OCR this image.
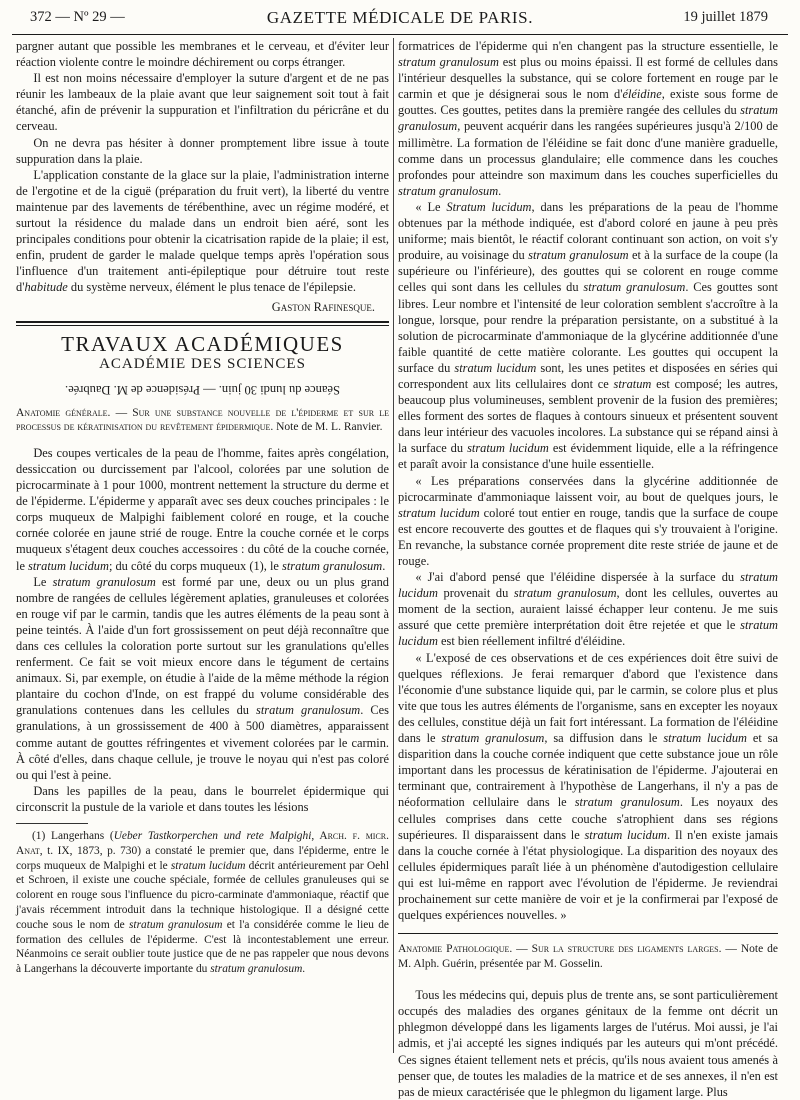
372 — Nº 29 —	GAZETTE MÉDICALE DE PARIS.	19 juillet 1879

pargner autant que possible les membranes et le cerveau, et d'éviter leur réaction violente contre le moindre déchirement ou corps étranger.

Il est non moins nécessaire d'employer la suture d'argent et de ne pas réunir les lambeaux de la plaie avant que leur saignement soit tout à fait étanché, afin de prévenir la suppuration et l'infiltration du péricrâne et du cerveau.

On ne devra pas hésiter à donner promptement libre issue à toute suppuration dans la plaie.

L'application constante de la glace sur la plaie, l'administration interne de l'ergotine et de la ciguë (préparation du fruit vert), la liberté du ventre maintenue par des lavements de térébenthine, avec un régime modéré, et surtout la résidence du malade dans un endroit bien aéré, sont les principales conditions pour obtenir la cicatrisation rapide de la plaie; il est, enfin, prudent de garder le malade quelque temps après l'opération sous l'influence d'un traitement anti-épileptique pour détruire tout reste d'habitude du système nerveux, élément le plus tenace de l'épilepsie.

Gaston Rafinesque.
TRAVAUX ACADÉMIQUES
ACADÉMIE DES SCIENCES
Séance du lundi 30 juin. — Présidence de M. Daubrée.

Anatomie générale. — Sur une substance nouvelle de l'épiderme et sur le processus de kératinisation du revêtement épidermique. Note de M. L. Ranvier.

Des coupes verticales de la peau de l'homme, faites après congélation, dessiccation ou durcissement par l'alcool, colorées par une solution de picrocarminate à 1 pour 1000, montrent nettement la structure du derme et de l'épiderme. L'épiderme y apparaît avec ses deux couches principales : le corps muqueux de Malpighi faiblement coloré en rouge, et la couche cornée colorée en jaune strié de rouge. Entre la couche cornée et le corps muqueux s'étagent deux couches accessoires : du côté de la couche cornée, le stratum lucidum; du côté du corps muqueux (1), le stratum granulosum.

Le stratum granulosum est formé par une, deux ou un plus grand nombre de rangées de cellules légèrement aplaties, granuleuses et colorées en rouge vif par le carmin, tandis que les autres éléments de la peau sont à peine teintés. À l'aide d'un fort grossissement on peut déjà reconnaître que dans ces cellules la coloration porte surtout sur les granulations qu'elles renferment. Ce fait se voit mieux encore dans le tégument de certains animaux. Si, par exemple, on étudie à l'aide de la même méthode la région plantaire du cochon d'Inde, on est frappé du volume considérable des granulations contenues dans les cellules du stratum granulosum. Ces granulations, à un grossissement de 400 à 500 diamètres, apparaissent comme autant de gouttes réfringentes et vivement colorées par le carmin. À côté d'elles, dans chaque cellule, je trouve le noyau qui n'est pas coloré ou qui l'est à peine.

Dans les papilles de la peau, dans le bourrelet épidermique qui circonscrit la pustule de la variole et dans toutes les lésions

(1) Langerhans (Ueber Tastkorperchen und rete Malpighi, Arch. f. micr. Anat, t. IX, 1873, p. 730) a constaté le premier que, dans l'épiderme, entre le corps muqueux de Malpighi et le stratum lucidum décrit antérieurement par Oehl et Schroen, il existe une couche spéciale, formée de cellules granuleuses qui se colorent en rouge sous l'influence du picro-carminate d'ammoniaque, réactif que j'avais récemment introduit dans la technique histologique. Il a désigné cette couche sous le nom de stratum granulosum et l'a considérée comme le lieu de formation des cellules de l'épiderme. C'est là incontestablement une erreur. Néanmoins ce serait oublier toute justice que de ne pas rappeler que nous devons à Langerhans la découverte importante du stratum granulosum.

formatrices de l'épiderme qui n'en changent pas la structure essentielle, le stratum granulosum est plus ou moins épaissi. Il est formé de cellules dans l'intérieur desquelles la substance, qui se colore fortement en rouge par le carmin et que je désignerai sous le nom d'éléidine, existe sous forme de gouttes. Ces gouttes, petites dans la première rangée des cellules du stratum granulosum, peuvent acquérir dans les rangées supérieures jusqu'à 2/100 de millimètre. La formation de l'éléidine se fait donc d'une manière graduelle, comme dans un processus glandulaire; elle commence dans les couches profondes pour atteindre son maximum dans les couches superficielles du stratum granulosum.

« Le Stratum lucidum, dans les préparations de la peau de l'homme obtenues par la méthode indiquée, est d'abord coloré en jaune à peu près uniforme; mais bientôt, le réactif colorant continuant son action, on voit s'y produire, au voisinage du stratum granulosum et à la surface de la coupe (la supérieure ou l'inférieure), des gouttes qui se colorent en rouge comme celles qui sont dans les cellules du stratum granulosum. Ces gouttes sont libres. Leur nombre et l'intensité de leur coloration semblent s'accroître à la longue, lorsque, pour rendre la préparation persistante, on a substitué à la solution de picrocarminate d'ammoniaque de la glycérine additionnée d'une faible quantité de cette matière colorante. Les gouttes qui occupent la surface du stratum lucidum sont, les unes petites et disposées en séries qui correspondent aux lits cellulaires dont ce stratum est composé; les autres, beaucoup plus volumineuses, semblent provenir de la fusion des premières; elles forment des sortes de flaques à contours sinueux et présentent souvent dans leur intérieur des vacuoles incolores. La substance qui se répand ainsi à la surface du stratum lucidum est évidemment liquide, elle a la réfringence et paraît avoir la consistance d'une huile essentielle.

« Les préparations conservées dans la glycérine additionnée de picrocarminate d'ammoniaque laissent voir, au bout de quelques jours, le stratum lucidum coloré tout entier en rouge, tandis que la surface de coupe est encore recouverte des gouttes et de flaques qui s'y trouvaient à l'origine. En revanche, la substance cornée proprement dite reste striée de jaune et de rouge.

« J'ai d'abord pensé que l'éléidine dispersée à la surface du stratum lucidum provenait du stratum granulosum, dont les cellules, ouvertes au moment de la section, auraient laissé échapper leur contenu. Je me suis assuré que cette première interprétation doit être rejetée et que le stratum lucidum est bien réellement infiltré d'éléidine.

« L'exposé de ces observations et de ces expériences doit être suivi de quelques réflexions. Je ferai remarquer d'abord que l'existence dans l'économie d'une substance liquide qui, par le carmin, se colore plus et plus vite que tous les autres éléments de l'organisme, sans en excepter les noyaux des cellules, constitue déjà un fait fort intéressant. La formation de l'éléidine dans le stratum granulosum, sa diffusion dans le stratum lucidum et sa disparition dans la couche cornée indiquent que cette substance joue un rôle important dans les processus de kératinisation de l'épiderme. J'ajouterai en terminant que, contrairement à l'hypothèse de Langerhans, il n'y a pas de néoformation cellulaire dans le stratum granulosum. Les noyaux des cellules comprises dans cette couche s'atrophient dans ses régions supérieures. Il disparaissent dans le stratum lucidum. Il n'en existe jamais dans la couche cornée à l'état physiologique. La disparition des noyaux des cellules épidermiques paraît liée à un phénomène d'autodigestion cellulaire qui est lui-même en rapport avec l'évolution de l'épiderme. Je reviendrai prochainement sur cette manière de voir et je la confirmerai par l'exposé de quelques expériences nouvelles. »

Anatomie Pathologique. — Sur la structure des ligaments larges. — Note de M. Alph. Guérin, présentée par M. Gosselin.

Tous les médecins qui, depuis plus de trente ans, se sont particulièrement occupés des maladies des organes génitaux de la femme ont décrit un phlegmon développé dans les ligaments larges de l'utérus. Moi aussi, je l'ai admis, et j'ai accepté les signes indiqués par les auteurs qui m'ont précédé. Ces signes étaient tellement nets et précis, qu'ils nous avaient tous amenés à penser que, de toutes les maladies de la matrice et de ses annexes, il n'en est pas de mieux caractérisée que le phlegmon du ligament large. Plus
